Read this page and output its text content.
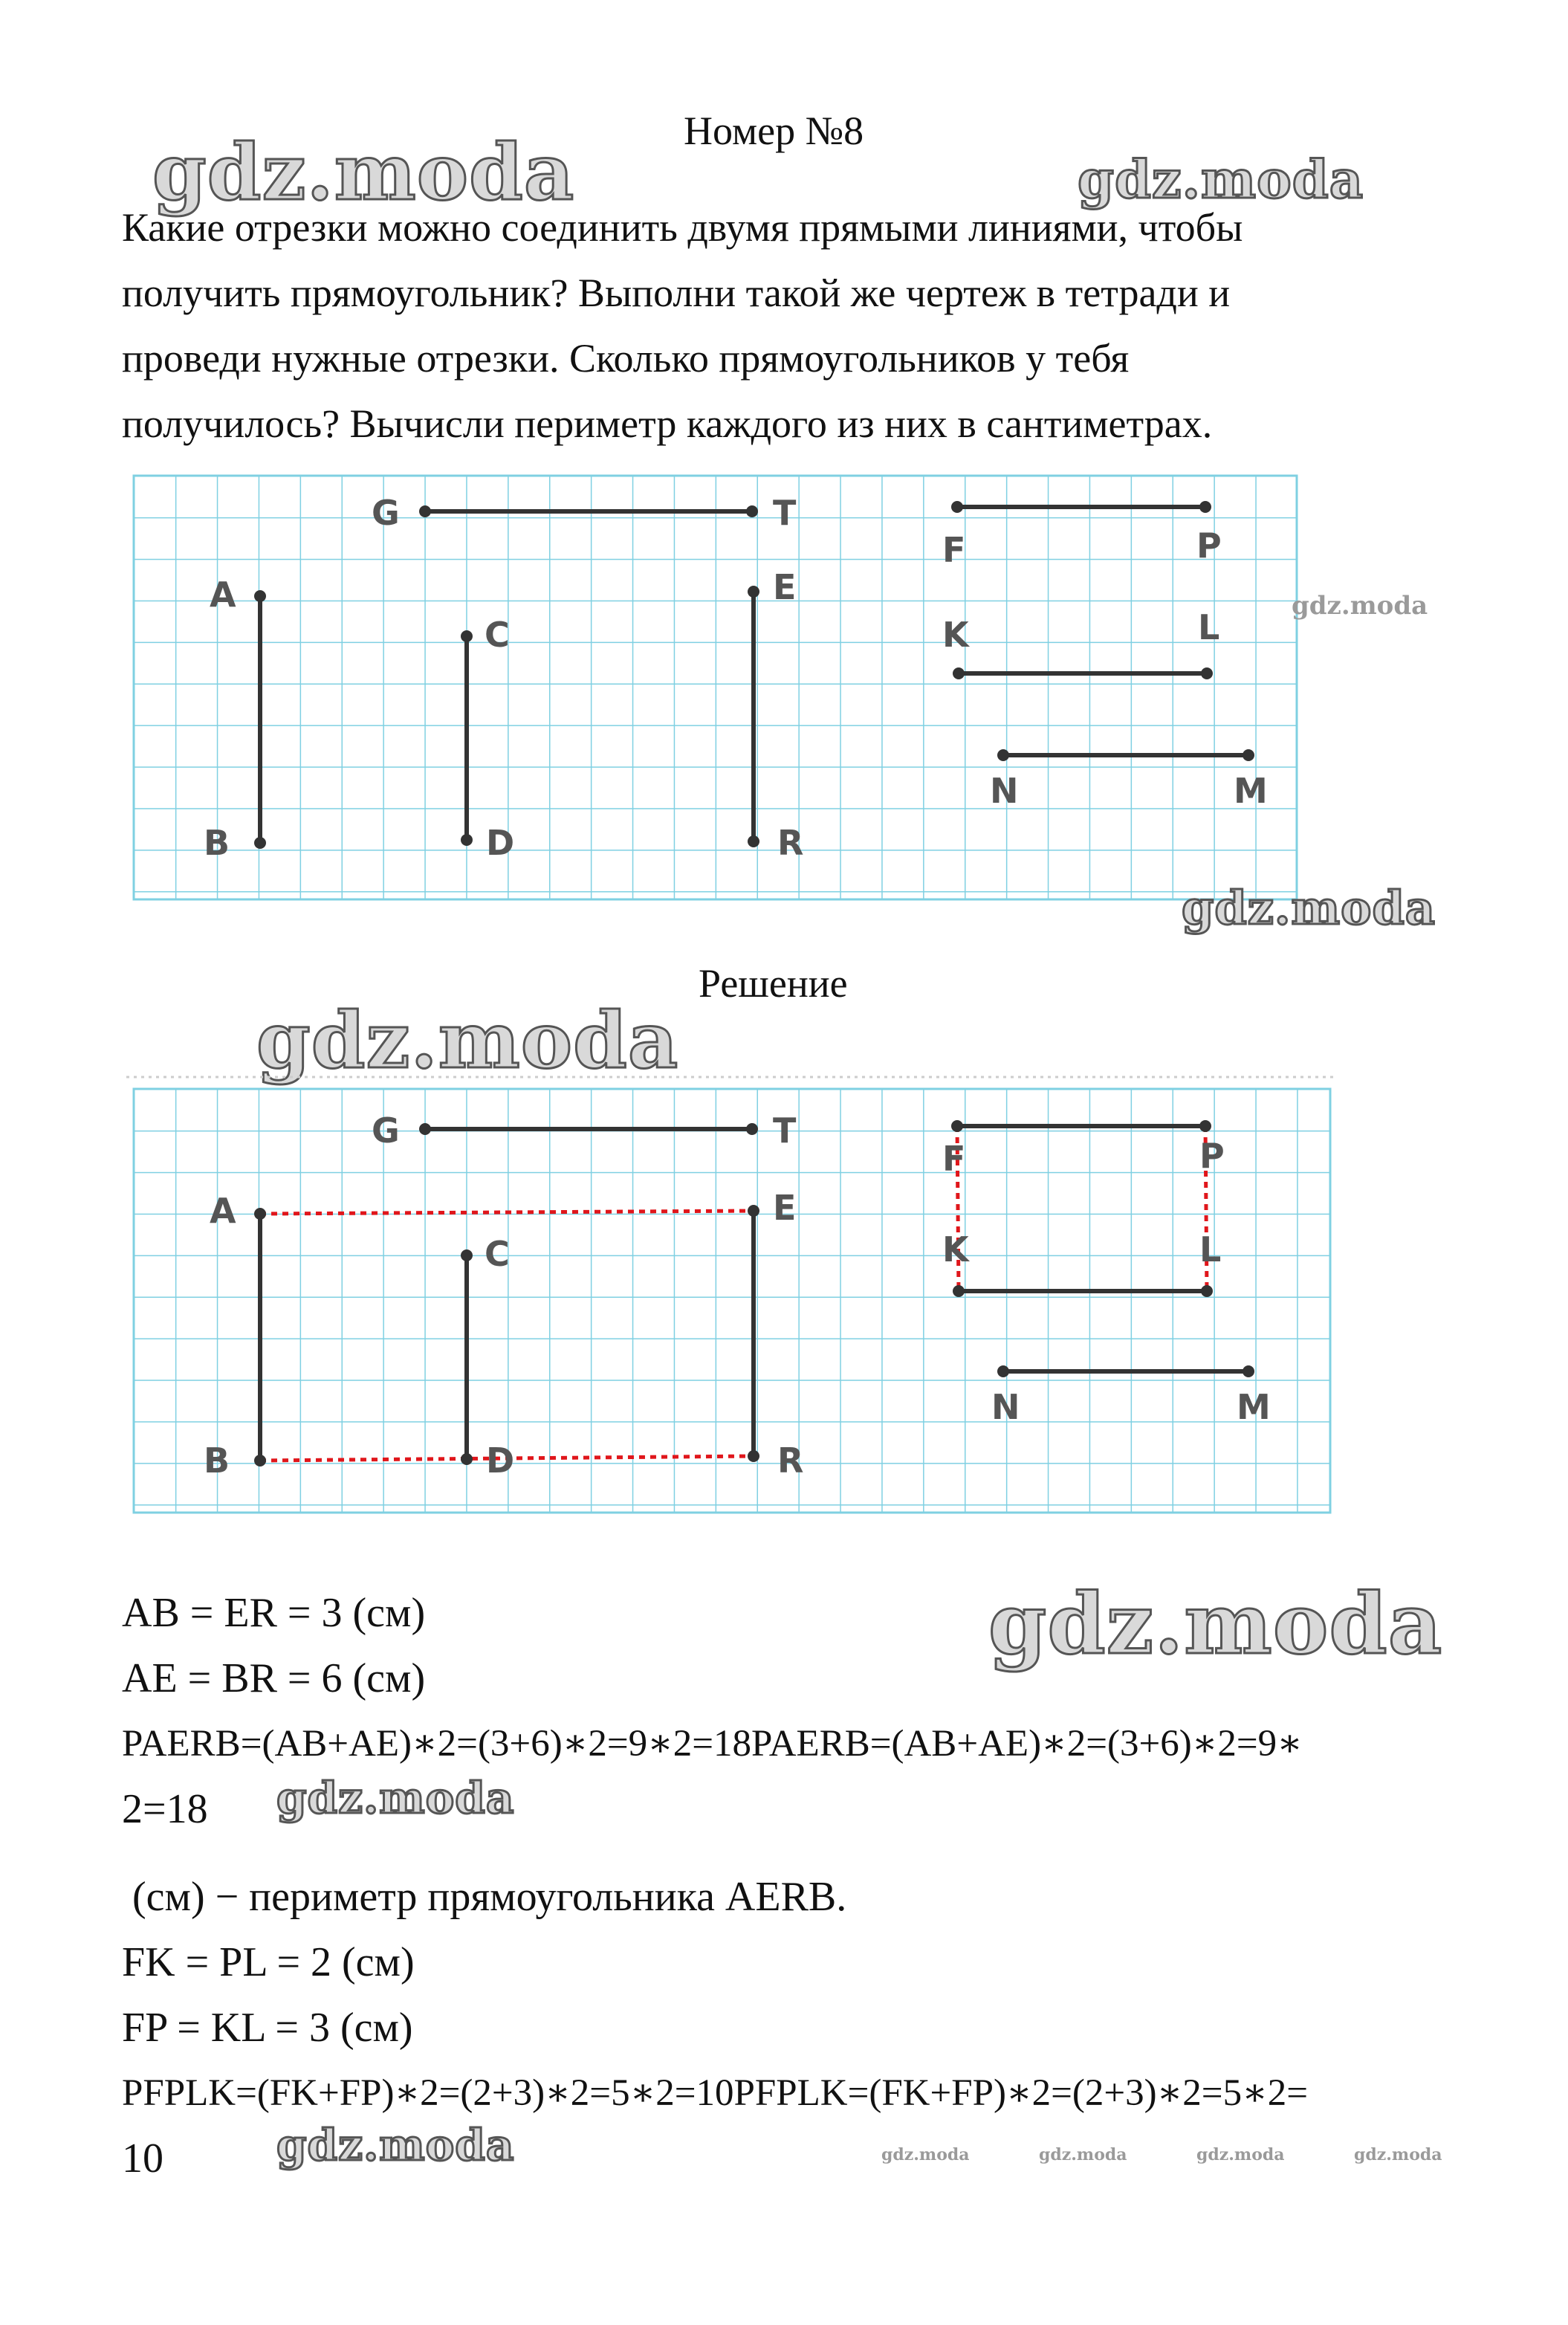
Номер №8
gdz.moda	gdz.moda
Какие отрезки можно соединить двумя прямыми линиями, чтобы
получить прямоугольник? Выполни такой же чертеж в тетради и
проведи нужные отрезки. Сколько прямоугольников у тебя
получилось? Вычисли периметр каждого из них в сантиметрах.
G	T
F	P
A
C
E
K	L
N	M
B	D	R
gdz.moda
gdz.moda
Решение
gdz.moda
G	T
F	P
A
C
E
K	L
N	M
B	D	R
AB = ER = 3 (см)	gdz.moda
AE = BR = 6 (см)
PAERB=(AB+AE)∗2=(3+6)∗2=9∗2=18PAERB=(AB+AE)∗2=(3+6)∗2=9∗
2=18 gdz.moda
(см) − периметр прямоугольника AERB.
FK = PL = 2 (см)
FP = KL = 3 (см)
PFPLK=(FK+FP)∗2=(2+3)∗2=5∗2=10PFPLK=(FK+FP)∗2=(2+3)∗2=5∗2=
10	gdz.moda	gdz.moda	gdz.moda	gdz.moda	gdz.moda
